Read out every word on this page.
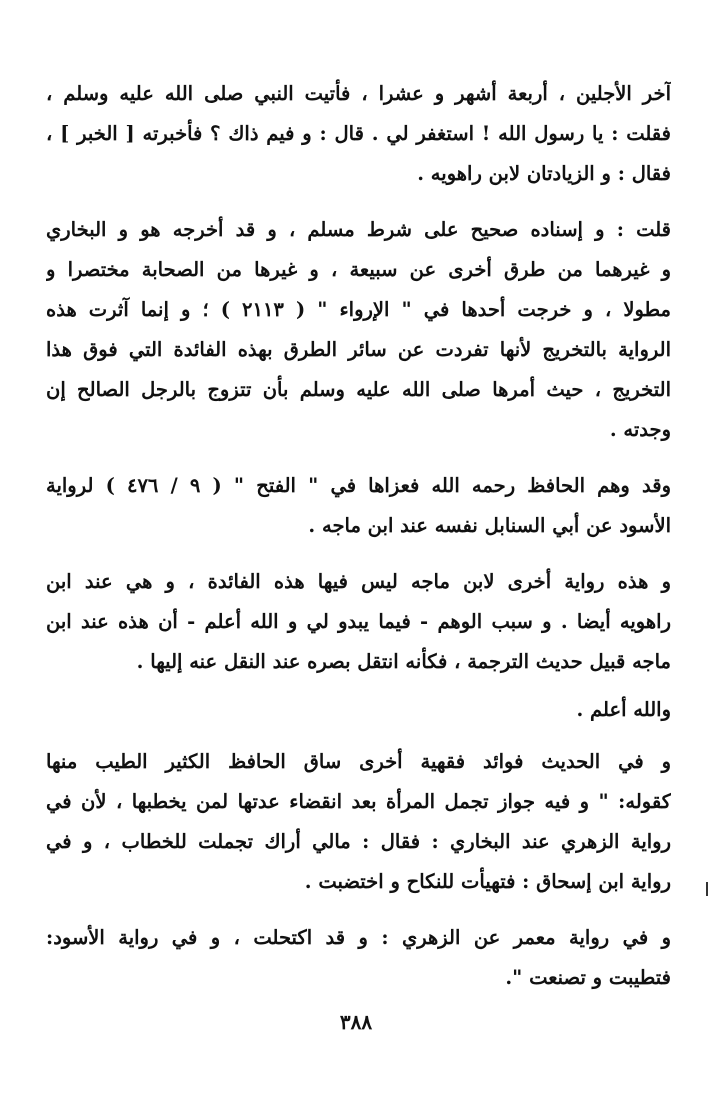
آخر الأجلين ، أربعة أشهر و عشرا ، فأتيت النبي صلى الله عليه وسلم ،
فقلت : يا رسول الله ! استغفر لي . قال : و فيم ذاك ؟ فأخبرته [ الخبر ] ،
فقال : و الزيادتان لابن راهويه .
قلت : و إسناده صحيح على شرط مسلم ، و قد أخرجه هو و البخاري
و غيرهما من طرق أخرى عن سبيعة ، و غيرها من الصحابة مختصرا و
مطولا ، و خرجت أحدها في " الإرواء " ( ٢١١٣ ) ؛ و إنما آثرت هذه
الرواية بالتخريج لأنها تفردت عن سائر الطرق بهذه الفائدة التي فوق هذا
التخريج ، حيث أمرها صلى الله عليه وسلم بأن تتزوج بالرجل الصالح إن
وجدته .
وقد وهم الحافظ رحمه الله فعزاها في " الفتح " ( ٩ / ٤٧٦ ) لرواية
الأسود عن أبي السنابل نفسه عند ابن ماجه .
و هذه رواية أخرى لابن ماجه ليس فيها هذه الفائدة ، و هي عند ابن
راهويه أيضا . و سبب الوهم - فيما يبدو لي و الله أعلم - أن هذه عند ابن
ماجه قبيل حديث الترجمة ، فكأنه انتقل بصره عند النقل عنه إليها .
والله أعلم .
و في الحديث فوائد فقهية أخرى ساق الحافظ الكثير الطيب منها
كقوله: " و فيه جواز تجمل المرأة بعد انقضاء عدتها لمن يخطبها ، لأن في
رواية الزهري عند البخاري : فقال : مالي أراك تجملت للخطاب ، و في
رواية ابن إسحاق : فتهيأت للنكاح و اختضبت .
و في رواية معمر عن الزهري : و قد اكتحلت ، و في رواية الأسود:
فتطيبت و تصنعت ".
٣٨٨
